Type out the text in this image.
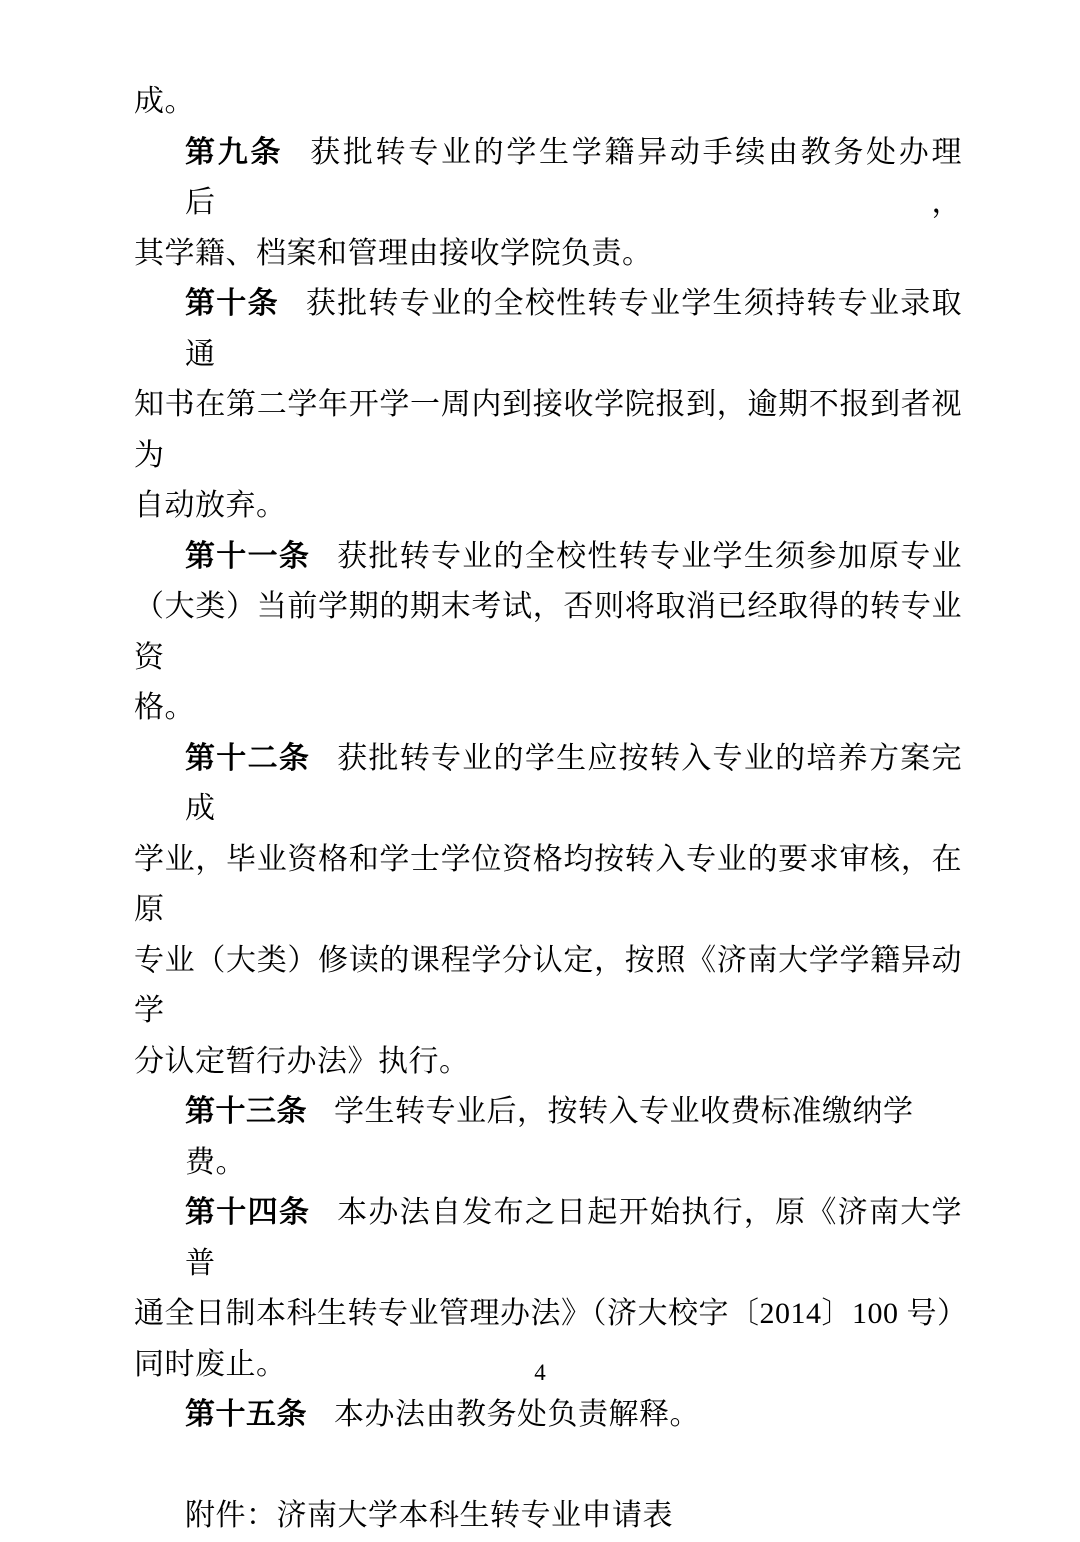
成。

第九条 获批转专业的学生学籍异动手续由教务处办理后，

其学籍、档案和管理由接收学院负责。

第十条 获批转专业的全校性转专业学生须持转专业录取通

知书在第二学年开学一周内到接收学院报到，逾期不报到者视为

自动放弃。

第十一条 获批转专业的全校性转专业学生须参加原专业

（大类）当前学期的期末考试，否则将取消已经取得的转专业资

格。

第十二条 获批转专业的学生应按转入专业的培养方案完成

学业，毕业资格和学士学位资格均按转入专业的要求审核，在原

专业（大类）修读的课程学分认定，按照《济南大学学籍异动学

分认定暂行办法》执行。

第十三条 学生转专业后，按转入专业收费标准缴纳学费。

第十四条 本办法自发布之日起开始执行，原《济南大学普

通全日制本科生转专业管理办法》（济大校字〔2014〕100 号）

同时废止。

第十五条 本办法由教务处负责解释。

附件：济南大学本科生转专业申请表

4
